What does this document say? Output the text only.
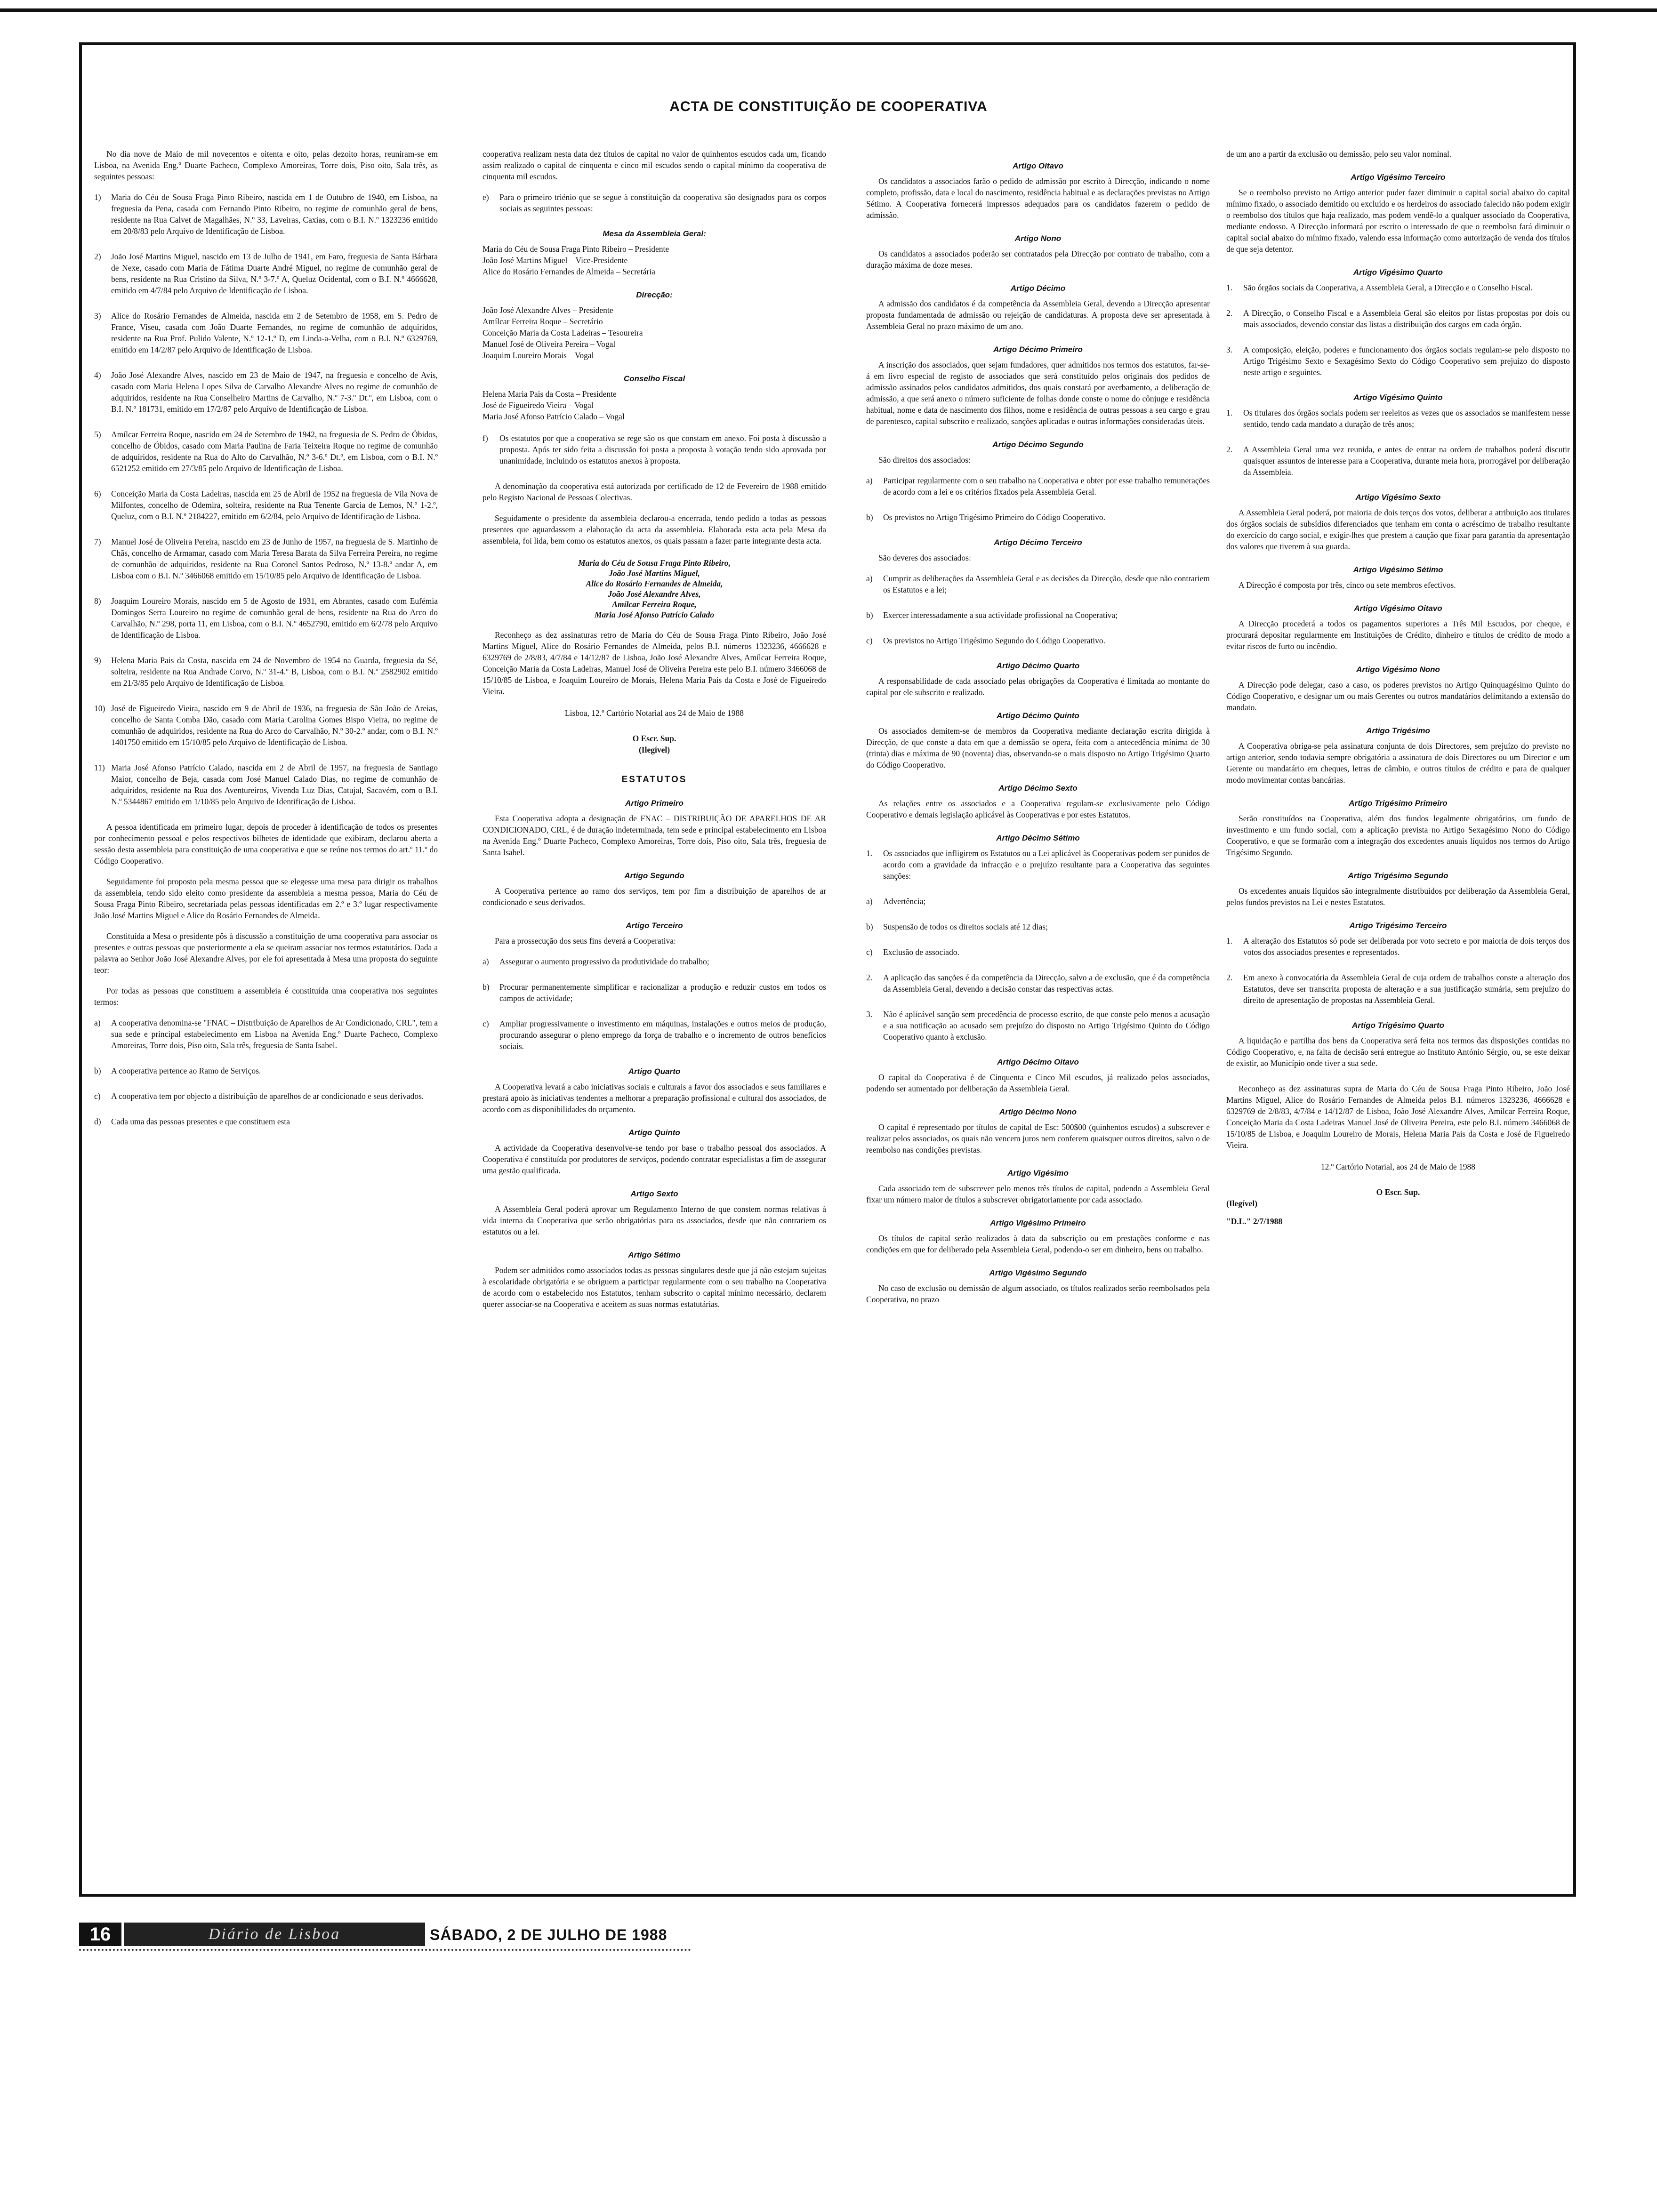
ACTA DE CONSTITUIÇÃO DE COOPERATIVA

No dia nove de Maio de mil novecentos e oitenta e oito, pelas dezoito horas, reuniram-se em Lisboa, na Avenida Eng.º Duarte Pacheco, Complexo Amoreiras, Torre dois, Piso oito, Sala três, as seguintes pessoas:

1)	Maria do Céu de Sousa Fraga Pinto Ribeiro, nascida em 1 de Outubro de 1940, em Lisboa, na freguesia da Pena, casada com Fernando Pinto Ribeiro, no regime de comunhão geral de bens, residente na Rua Calvet de Magalhães, N.º 33, Laveiras, Caxias, com o B.I. N.º 1323236 emitido em 20/8/83 pelo Arquivo de Identificação de Lisboa.
2)	João José Martins Miguel, nascido em 13 de Julho de 1941, em Faro, freguesia de Santa Bárbara de Nexe, casado com Maria de Fátima Duarte André Miguel, no regime de comunhão geral de bens, residente na Rua Cristino da Silva, N.º 3-7.º A, Queluz Ocidental, com o B.I. N.º 4666628, emitido em 4/7/84 pelo Arquivo de Identificação de Lisboa.
3)	Alice do Rosário Fernandes de Almeida, nascida em 2 de Setembro de 1958, em S. Pedro de France, Viseu, casada com João Duarte Fernandes, no regime de comunhão de adquiridos, residente na Rua Prof. Pulido Valente, N.º 12-1.º D, em Linda-a-Velha, com o B.I. N.º 6329769, emitido em 14/2/87 pelo Arquivo de Identificação de Lisboa.
4)	João José Alexandre Alves, nascido em 23 de Maio de 1947, na freguesia e concelho de Avis, casado com Maria Helena Lopes Silva de Carvalho Alexandre Alves no regime de comunhão de adquiridos, residente na Rua Conselheiro Martins de Carvalho, N.º 7-3.º Dt.º, em Lisboa, com o B.I. N.º 181731, emitido em 17/2/87 pelo Arquivo de Identificação de Lisboa.
5)	Amílcar Ferreira Roque, nascido em 24 de Setembro de 1942, na freguesia de S. Pedro de Óbidos, concelho de Óbidos, casado com Maria Paulina de Faria Teixeira Roque no regime de comunhão de adquiridos, residente na Rua do Alto do Carvalhão, N.º 3-6.º Dt.º, em Lisboa, com o B.I. N.º 6521252 emitido em 27/3/85 pelo Arquivo de Identificação de Lisboa.
6)	Conceição Maria da Costa Ladeiras, nascida em 25 de Abril de 1952 na freguesia de Vila Nova de Milfontes, concelho de Odemira, solteira, residente na Rua Tenente Garcia de Lemos, N.º 1-2.º, Queluz, com o B.I. N.º 2184227, emitido em 6/2/84, pelo Arquivo de Identificação de Lisboa.
7)	Manuel José de Oliveira Pereira, nascido em 23 de Junho de 1957, na freguesia de S. Martinho de Chãs, concelho de Armamar, casado com Maria Teresa Barata da Silva Ferreira Pereira, no regime de comunhão de adquiridos, residente na Rua Coronel Santos Pedroso, N.º 13-8.º andar A, em Lisboa com o B.I. N.º 3466068 emitido em 15/10/85 pelo Arquivo de Identificação de Lisboa.
8)	Joaquim Loureiro Morais, nascido em 5 de Agosto de 1931, em Abrantes, casado com Eufémia Domingos Serra Loureiro no regime de comunhão geral de bens, residente na Rua do Arco do Carvalhão, N.º 298, porta 11, em Lisboa, com o B.I. N.º 4652790, emitido em 6/2/78 pelo Arquivo de Identificação de Lisboa.
9)	Helena Maria Pais da Costa, nascida em 24 de Novembro de 1954 na Guarda, freguesia da Sé, solteira, residente na Rua Andrade Corvo, N.º 31-4.º B, Lisboa, com o B.I. N.º 2582902 emitido em 21/3/85 pelo Arquivo de Identificação de Lisboa.
10) José de Figueiredo Vieira, nascido em 9 de Abril de 1936, na freguesia de São João de Areias, concelho de Santa Comba Dão, casado com Maria Carolina Gomes Bispo Vieira, no regime de comunhão de adquiridos, residente na Rua do Arco do Carvalhão, N.º 30-2.º andar, com o B.I. N.º 1401750 emitido em 15/10/85 pelo Arquivo de Identificação de Lisboa.
11) Maria José Afonso Patrício Calado, nascida em 2 de Abril de 1957, na freguesia de Santiago Maior, concelho de Beja, casada com José Manuel Calado Dias, no regime de comunhão de adquiridos, residente na Rua dos Aventureiros, Vivenda Luz Dias, Catujal, Sacavém, com o B.I. N.º 5344867 emitido em 1/10/85 pelo Arquivo de Identificação de Lisboa.

A pessoa identificada em primeiro lugar, depois de proceder à identificação de todos os presentes por conhecimento pessoal e pelos respectivos bilhetes de identidade que exibiram, declarou aberta a sessão desta assembleia para constituição de uma cooperativa e que se reúne nos termos do art.º 11.º do Código Cooperativo.

Seguidamente foi proposto pela mesma pessoa que se elegesse uma mesa para dirigir os trabalhos da assembleia, tendo sido eleito como presidente da assembleia a mesma pessoa, Maria do Céu de Sousa Fraga Pinto Ribeiro, secretariada pelas pessoas identificadas em 2.º e 3.º lugar respectivamente João José Martins Miguel e Alice do Rosário Fernandes de Almeida.

Constituída a Mesa o presidente pôs à discussão a constituição de uma cooperativa para associar os presentes e outras pessoas que posteriormente a ela se queiram associar nos termos estatutários. Dada a palavra ao Senhor João José Alexandre Alves, por ele foi apresentada à Mesa uma proposta do seguinte teor:

Por todas as pessoas que constituem a assembleia é constituída uma cooperativa nos seguintes termos:

a)	A cooperativa denomina-se "FNAC – Distribuição de Aparelhos de Ar Condicionado, CRL", tem a sua sede e principal estabelecimento em Lisboa na Avenida Eng.º Duarte Pacheco, Complexo Amoreiras, Torre dois, Piso oito, Sala três, freguesia de Santa Isabel.
b)	A cooperativa pertence ao Ramo de Serviços.
c)	A cooperativa tem por objecto a distribuição de aparelhos de ar condicionado e seus derivados.
d)	Cada uma das pessoas presentes e que constituem esta

cooperativa realizam nesta data dez títulos de capital no valor de quinhentos escudos cada um, ficando assim realizado o capital de cinquenta e cinco mil escudos sendo o capital mínimo da cooperativa de cinquenta mil escudos.

e)	Para o primeiro triénio que se segue à constituição da cooperativa são designados para os corpos sociais as seguintes pessoas:
Mesa da Assembleia Geral:

Maria do Céu de Sousa Fraga Pinto Ribeiro – Presidente

João José Martins Miguel – Vice-Presidente

Alice do Rosário Fernandes de Almeida – Secretária

Direcção:

João José Alexandre Alves – Presidente

Amílcar Ferreira Roque – Secretário

Conceição Maria da Costa Ladeiras – Tesoureira

Manuel José de Oliveira Pereira – Vogal

Joaquim Loureiro Morais – Vogal

Conselho Fiscal

Helena Maria Pais da Costa – Presidente

José de Figueiredo Vieira – Vogal

Maria José Afonso Patrício Calado – Vogal

f)	Os estatutos por que a cooperativa se rege são os que constam em anexo. Foi posta à discussão a proposta. Após ter sido feita a discussão foi posta a proposta à votação tendo sido aprovada por unanimidade, incluindo os estatutos anexos à proposta.

A denominação da cooperativa está autorizada por certificado de 12 de Fevereiro de 1988 emitido pelo Registo Nacional de Pessoas Colectivas.

Seguidamente o presidente da assembleia declarou-a encerrada, tendo pedido a todas as pessoas presentes que aguardassem a elaboração da acta da assembleia. Elaborada esta acta pela Mesa da assembleia, foi lida, bem como os estatutos anexos, os quais passam a fazer parte integrante desta acta.

Maria do Céu de Sousa Fraga Pinto Ribeiro,
João José Martins Miguel,
Alice do Rosário Fernandes de Almeida,
João José Alexandre Alves,
Amílcar Ferreira Roque,
Maria José Afonso Patrício Calado

Reconheço as dez assinaturas retro de Maria do Céu de Sousa Fraga Pinto Ribeiro, João José Martins Miguel, Alice do Rosário Fernandes de Almeida, pelos B.I. números 1323236, 4666628 e 6329769 de 2/8/83, 4/7/84 e 14/12/87 de Lisboa, João José Alexandre Alves, Amílcar Ferreira Roque, Conceição Maria da Costa Ladeiras, Manuel José de Oliveira Pereira este pelo B.I. número 3466068 de 15/10/85 de Lisboa, e Joaquim Loureiro de Morais, Helena Maria Pais da Costa e José de Figueiredo Vieira.

Lisboa, 12.º Cartório Notarial aos 24 de Maio de 1988
O Escr. Sup.
(Ilegível)
ESTATUTOS
Artigo Primeiro

Esta Cooperativa adopta a designação de FNAC – DISTRIBUIÇÃO DE APARELHOS DE AR CONDICIONADO, CRL, é de duração indeterminada, tem sede e principal estabelecimento em Lisboa na Avenida Eng.º Duarte Pacheco, Complexo Amoreiras, Torre dois, Piso oito, Sala três, freguesia de Santa Isabel.

Artigo Segundo

A Cooperativa pertence ao ramo dos serviços, tem por fim a distribuição de aparelhos de ar condicionado e seus derivados.

Artigo Terceiro

Para a prossecução dos seus fins deverá a Cooperativa:

a)	Assegurar o aumento progressivo da produtividade do trabalho;
b)	Procurar permanentemente simplificar e racionalizar a produção e reduzir custos em todos os campos de actividade;
c)	Ampliar progressivamente o investimento em máquinas, instalações e outros meios de produção, procurando assegurar o pleno emprego da força de trabalho e o incremento de outros benefícios sociais.
Artigo Quarto

A Cooperativa levará a cabo iniciativas sociais e culturais a favor dos associados e seus familiares e prestará apoio às iniciativas tendentes a melhorar a preparação profissional e cultural dos associados, de acordo com as disponibilidades do orçamento.

Artigo Quinto

A actividade da Cooperativa desenvolve-se tendo por base o trabalho pessoal dos associados. A Cooperativa é constituída por produtores de serviços, podendo contratar especialistas a fim de assegurar uma gestão qualificada.

Artigo Sexto

A Assembleia Geral poderá aprovar um Regulamento Interno de que constem normas relativas à vida interna da Cooperativa que serão obrigatórias para os associados, desde que não contrariem os estatutos ou a lei.

Artigo Sétimo

Podem ser admitidos como associados todas as pessoas singulares desde que já não estejam sujeitas à escolaridade obrigatória e se obriguem a participar regularmente com o seu trabalho na Cooperativa de acordo com o estabelecido nos Estatutos, tenham subscrito o capital mínimo necessário, declarem querer associar-se na Cooperativa e aceitem as suas normas estatutárias.

Artigo Oitavo

Os candidatos a associados farão o pedido de admissão por escrito à Direcção, indicando o nome completo, profissão, data e local do nascimento, residência habitual e as declarações previstas no Artigo Sétimo. A Cooperativa fornecerá impressos adequados para os candidatos fazerem o pedido de admissão.

Artigo Nono

Os candidatos a associados poderão ser contratados pela Direcção por contrato de trabalho, com a duração máxima de doze meses.

Artigo Décimo

A admissão dos candidatos é da competência da Assembleia Geral, devendo a Direcção apresentar proposta fundamentada de admissão ou rejeição de candidaturas. A proposta deve ser apresentada à Assembleia Geral no prazo máximo de um ano.

Artigo Décimo Primeiro

A inscrição dos associados, quer sejam fundadores, quer admitidos nos termos dos estatutos, far-se-á em livro especial de registo de associados que será constituído pelos originais dos pedidos de admissão assinados pelos candidatos admitidos, dos quais constará por averbamento, a deliberação de admissão, a que será anexo o número suficiente de folhas donde conste o nome do cônjuge e residência habitual, nome e data de nascimento dos filhos, nome e residência de outras pessoas a seu cargo e grau de parentesco, capital subscrito e realizado, sanções aplicadas e outras informações consideradas úteis.

Artigo Décimo Segundo

São direitos dos associados:

a)	Participar regularmente com o seu trabalho na Cooperativa e obter por esse trabalho remunerações de acordo com a lei e os critérios fixados pela Assembleia Geral.
b)	Os previstos no Artigo Trigésimo Primeiro do Código Cooperativo.
Artigo Décimo Terceiro

São deveres dos associados:

a)	Cumprir as deliberações da Assembleia Geral e as decisões da Direcção, desde que não contrariem os Estatutos e a lei;
b)	Exercer interessadamente a sua actividade profissional na Cooperativa;
c)	Os previstos no Artigo Trigésimo Segundo do Código Cooperativo.
Artigo Décimo Quarto

A responsabilidade de cada associado pelas obrigações da Cooperativa é limitada ao montante do capital por ele subscrito e realizado.

Artigo Décimo Quinto

Os associados demitem-se de membros da Cooperativa mediante declaração escrita dirigida à Direcção, de que conste a data em que a demissão se opera, feita com a antecedência mínima de 30 (trinta) dias e máxima de 90 (noventa) dias, observando-se o mais disposto no Artigo Trigésimo Quarto do Código Cooperativo.

Artigo Décimo Sexto

As relações entre os associados e a Cooperativa regulam-se exclusivamente pelo Código Cooperativo e demais legislação aplicável às Cooperativas e por estes Estatutos.

Artigo Décimo Sétimo
1.	Os associados que infligirem os Estatutos ou a Lei aplicável às Cooperativas podem ser punidos de acordo com a gravidade da infracção e o prejuízo resultante para a Cooperativa das seguintes sanções:
a)	Advertência;
b)	Suspensão de todos os direitos sociais até 12 dias;
c)	Exclusão de associado.
2.	A aplicação das sanções é da competência da Direcção, salvo a de exclusão, que é da competência da Assembleia Geral, devendo a decisão constar das respectivas actas.
3.	Não é aplicável sanção sem precedência de processo escrito, de que conste pelo menos a acusação e a sua notificação ao acusado sem prejuízo do disposto no Artigo Trigésimo Quinto do Código Cooperativo quanto à exclusão.
Artigo Décimo Oitavo

O capital da Cooperativa é de Cinquenta e Cinco Mil escudos, já realizado pelos associados, podendo ser aumentado por deliberação da Assembleia Geral.

Artigo Décimo Nono

O capital é representado por títulos de capital de Esc: 500$00 (quinhentos escudos) a subscrever e realizar pelos associados, os quais não vencem juros nem conferem quaisquer outros direitos, salvo o de reembolso nas condições previstas.

Artigo Vigésimo

Cada associado tem de subscrever pelo menos três títulos de capital, podendo a Assembleia Geral fixar um número maior de títulos a subscrever obrigatoriamente por cada associado.

Artigo Vigésimo Primeiro

Os títulos de capital serão realizados à data da subscrição ou em prestações conforme e nas condições em que for deliberado pela Assembleia Geral, podendo-o ser em dinheiro, bens ou trabalho.

Artigo Vigésimo Segundo

No caso de exclusão ou demissão de algum associado, os títulos realizados serão reembolsados pela Cooperativa, no prazo

de um ano a partir da exclusão ou demissão, pelo seu valor nominal.

Artigo Vigésimo Terceiro

Se o reembolso previsto no Artigo anterior puder fazer diminuir o capital social abaixo do capital mínimo fixado, o associado demitido ou excluído e os herdeiros do associado falecido não podem exigir o reembolso dos títulos que haja realizado, mas podem vendê-lo a qualquer associado da Cooperativa, mediante endosso. A Direcção informará por escrito o interessado de que o reembolso fará diminuir o capital social abaixo do mínimo fixado, valendo essa informação como autorização de venda dos títulos de que seja detentor.

Artigo Vigésimo Quarto
1.	São órgãos sociais da Cooperativa, a Assembleia Geral, a Direcção e o Conselho Fiscal.
2.	A Direcção, o Conselho Fiscal e a Assembleia Geral são eleitos por listas propostas por dois ou mais associados, devendo constar das listas a distribuição dos cargos em cada órgão.
3.	A composição, eleição, poderes e funcionamento dos órgãos sociais regulam-se pelo disposto no Artigo Trigésimo Sexto e Sexagésimo Sexto do Código Cooperativo sem prejuízo do disposto neste artigo e seguintes.
Artigo Vigésimo Quinto
1.	Os titulares dos órgãos sociais podem ser reeleitos as vezes que os associados se manifestem nesse sentido, tendo cada mandato a duração de três anos;
2.	A Assembleia Geral uma vez reunida, e antes de entrar na ordem de trabalhos poderá discutir quaisquer assuntos de interesse para a Cooperativa, durante meia hora, prorrogável por deliberação da Assembleia.
Artigo Vigésimo Sexto

A Assembleia Geral poderá, por maioria de dois terços dos votos, deliberar a atribuição aos titulares dos órgãos sociais de subsídios diferenciados que tenham em conta o acréscimo de trabalho resultante do exercício do cargo social, e exigir-lhes que prestem a caução que fixar para garantia da apresentação dos valores que tiverem à sua guarda.

Artigo Vigésimo Sétimo

A Direcção é composta por três, cinco ou sete membros efectivos.

Artigo Vigésimo Oitavo

A Direcção procederá a todos os pagamentos superiores a Três Mil Escudos, por cheque, e procurará depositar regularmente em Instituições de Crédito, dinheiro e títulos de crédito de modo a evitar riscos de furto ou incêndio.

Artigo Vigésimo Nono

A Direcção pode delegar, caso a caso, os poderes previstos no Artigo Quinquagésimo Quinto do Código Cooperativo, e designar um ou mais Gerentes ou outros mandatários delimitando a extensão do mandato.

Artigo Trigésimo

A Cooperativa obriga-se pela assinatura conjunta de dois Directores, sem prejuízo do previsto no artigo anterior, sendo todavia sempre obrigatória a assinatura de dois Directores ou um Director e um Gerente ou mandatário em cheques, letras de câmbio, e outros títulos de crédito e para de qualquer modo movimentar contas bancárias.

Artigo Trigésimo Primeiro

Serão constituídos na Cooperativa, além dos fundos legalmente obrigatórios, um fundo de investimento e um fundo social, com a aplicação prevista no Artigo Sexagésimo Nono do Código Cooperativo, e que se formarão com a integração dos excedentes anuais líquidos nos termos do Artigo Trigésimo Segundo.

Artigo Trigésimo Segundo

Os excedentes anuais líquidos são integralmente distribuídos por deliberação da Assembleia Geral, pelos fundos previstos na Lei e nestes Estatutos.

Artigo Trigésimo Terceiro
1.	A alteração dos Estatutos só pode ser deliberada por voto secreto e por maioria de dois terços dos votos dos associados presentes e representados.
2.	Em anexo à convocatória da Assembleia Geral de cuja ordem de trabalhos conste a alteração dos Estatutos, deve ser transcrita proposta de alteração e a sua justificação sumária, sem prejuízo do direito de apresentação de propostas na Assembleia Geral.
Artigo Trigésimo Quarto

A liquidação e partilha dos bens da Cooperativa será feita nos termos das disposições contidas no Código Cooperativo, e, na falta de decisão será entregue ao Instituto António Sérgio, ou, se este deixar de existir, ao Município onde tiver a sua sede.

Reconheço as dez assinaturas supra de Maria do Céu de Sousa Fraga Pinto Ribeiro, João José Martins Miguel, Alice do Rosário Fernandes de Almeida pelos B.I. números 1323236, 4666628 e 6329769 de 2/8/83, 4/7/84 e 14/12/87 de Lisboa, João José Alexandre Alves, Amílcar Ferreira Roque, Conceição Maria da Costa Ladeiras Manuel José de Oliveira Pereira, este pelo B.I. número 3466068 de 15/10/85 de Lisboa, e Joaquim Loureiro de Morais, Helena Maria Pais da Costa e José de Figueiredo Vieira.

12.º Cartório Notarial, aos 24 de Maio de 1988
O Escr. Sup.
(Ilegível)
"D.L." 2/7/1988
16	Diário de Lisboa	SÁBADO, 2 DE JULHO DE 1988
